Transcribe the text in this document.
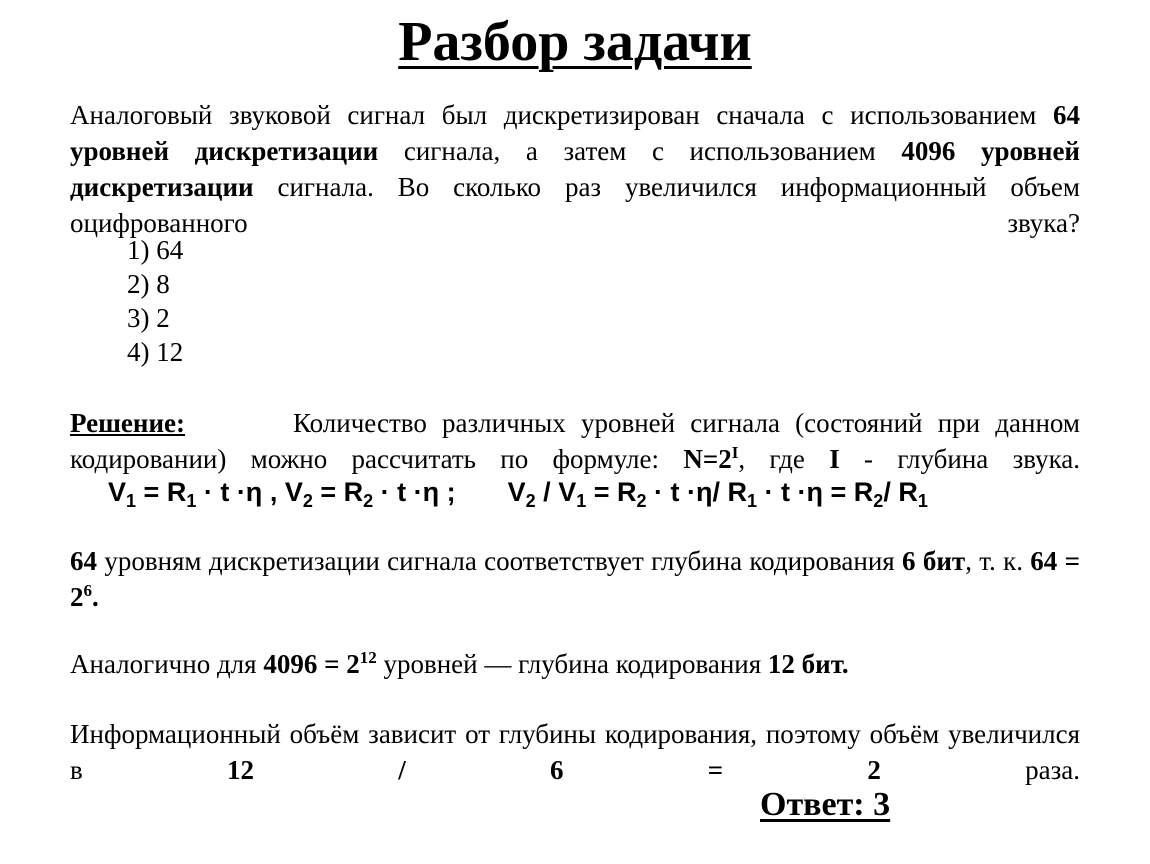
Разбор задачи
Аналоговый звуковой сигнал был дискретизирован сначала с использованием 64 уровней дискретизации сигнала, а затем с использованием 4096 уровней дискретизации сигнала. Во сколько раз увеличился информационный объем оцифрованного звука?
1) 64
2) 8
3) 2
4) 12
Решение:	Количество различных уровней сигнала (состояний при данном кодировании) можно рассчитать по формуле: $N=2^I$, где I - глубина звука.
$V_1 = R_1 \cdot t \cdot\eta$ , $V_2 = R_2 \cdot t \cdot\eta$ ; $V_2 / V_1 = R_2 \cdot t \cdot\eta/$ $R_1 \cdot t \cdot\eta = R_2/$ $R_1$
64 уровням дискретизации сигнала соответствует глубина кодирования 6 бит, т. к. $64 = 2^6$.
Аналогично для $4096 = 2^{12}$ уровней — глубина кодирования 12 бит.
Информационный объём зависит от глубины кодирования, поэтому объём увеличился в 12 / 6 = 2 раза.
Ответ: 3
